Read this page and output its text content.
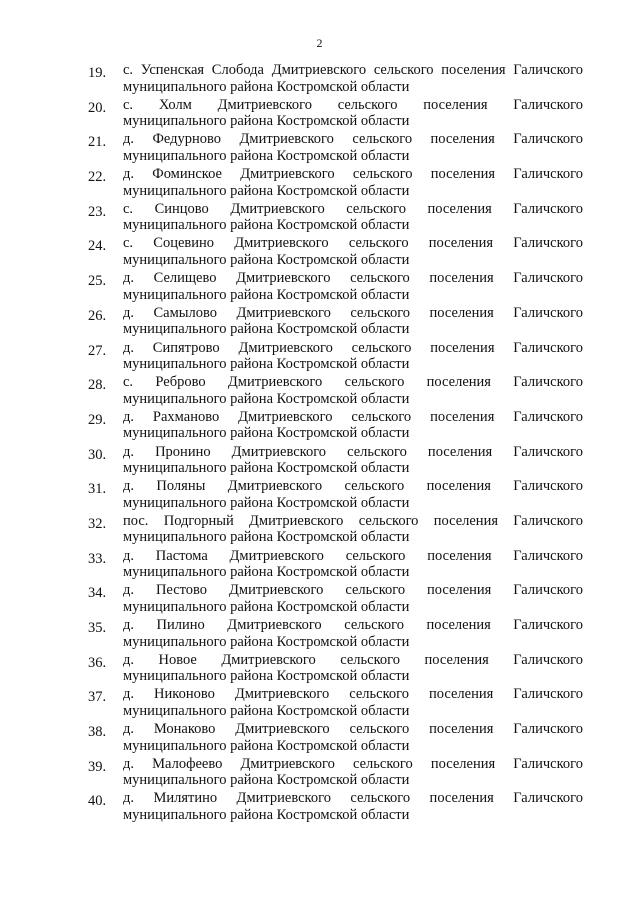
2
19. с. Успенская Слобода Дмитриевского сельского поселения Галичского
муниципального района Костромской области
20. с. Холм Дмитриевского сельского поселения Галичского
муниципального района Костромской области
21. д. Федурново Дмитриевского сельского поселения Галичского
муниципального района Костромской области
22. д. Фоминское Дмитриевского сельского поселения Галичского
муниципального района Костромской области
23. с. Синцово Дмитриевского сельского поселения Галичского
муниципального района Костромской области
24. с. Соцевино Дмитриевского сельского поселения Галичского
муниципального района Костромской области
25. д. Селищево Дмитриевского сельского поселения Галичского
муниципального района Костромской области
26. д. Самылово Дмитриевского сельского поселения Галичского
муниципального района Костромской области
27. д. Сипятрово Дмитриевского сельского поселения Галичского
муниципального района Костромской области
28. с. Реброво Дмитриевского сельского поселения Галичского
муниципального района Костромской области
29. д. Рахманово Дмитриевского сельского поселения Галичского
муниципального района Костромской области
30. д. Пронино Дмитриевского сельского поселения Галичского
муниципального района Костромской области
31. д. Поляны Дмитриевского сельского поселения Галичского
муниципального района Костромской области
32. пос. Подгорный Дмитриевского сельского поселения Галичского
муниципального района Костромской области
33. д. Пастома Дмитриевского сельского поселения Галичского
муниципального района Костромской области
34. д. Пестово Дмитриевского сельского поселения Галичского
муниципального района Костромской области
35. д. Пилино Дмитриевского сельского поселения Галичского
муниципального района Костромской области
36. д. Новое Дмитриевского сельского поселения Галичского
муниципального района Костромской области
37. д. Никоново Дмитриевского сельского поселения Галичского
муниципального района Костромской области
38. д. Монаково Дмитриевского сельского поселения Галичского
муниципального района Костромской области
39. д. Малофеево Дмитриевского сельского поселения Галичского
муниципального района Костромской области
40. д. Милятино Дмитриевского сельского поселения Галичского
муниципального района Костромской области
